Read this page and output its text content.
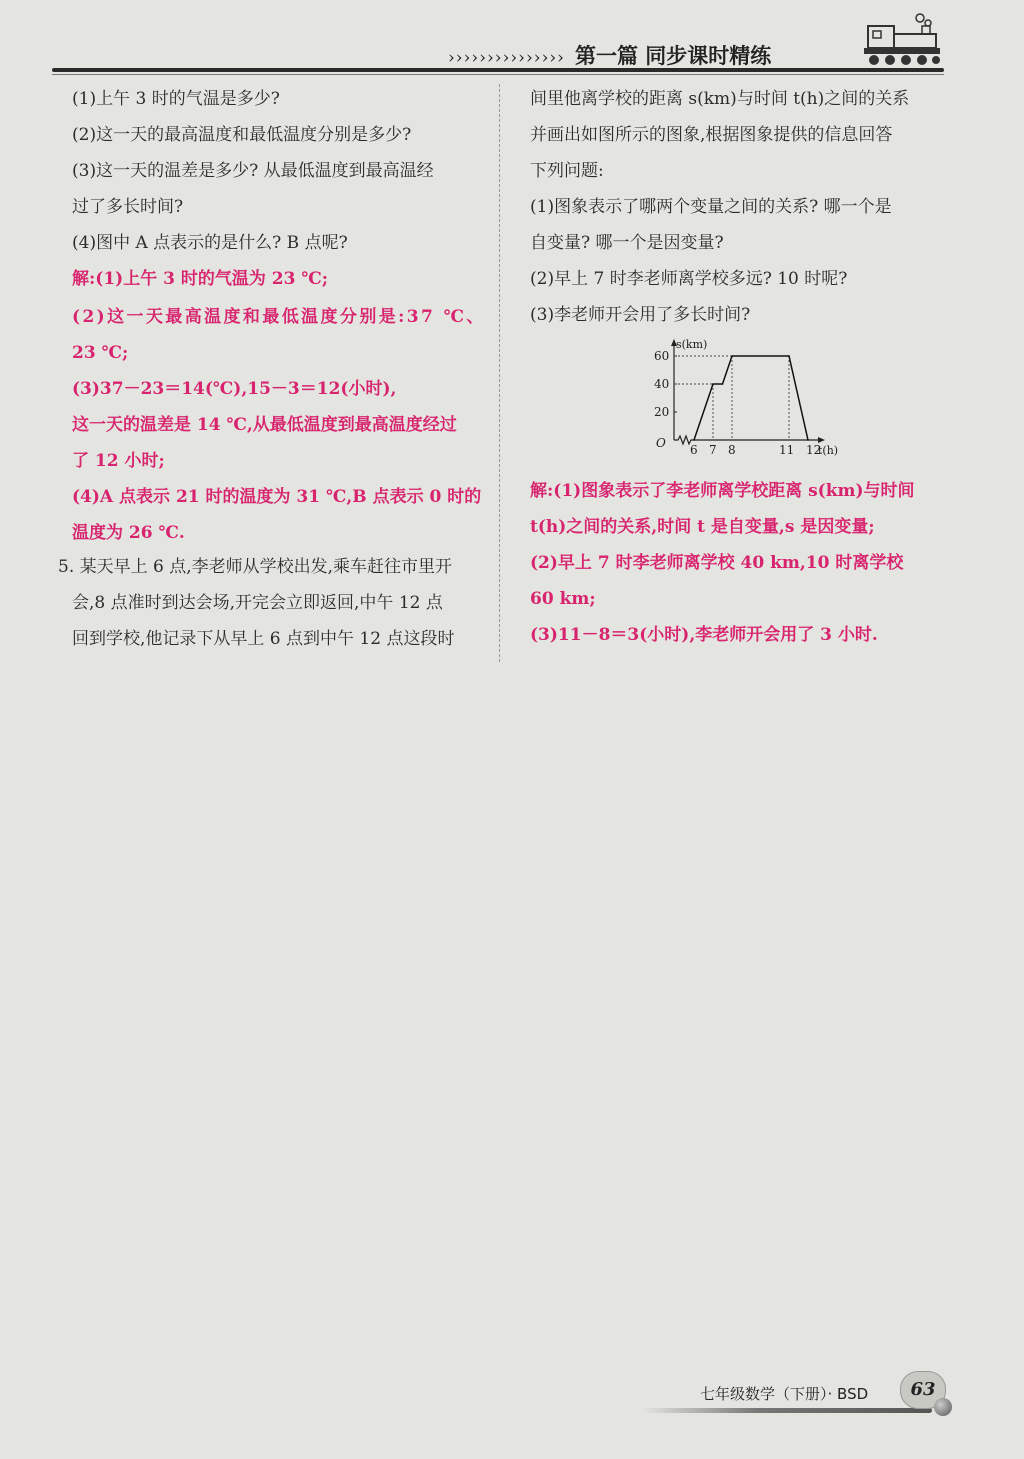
››››››››››››››› 第一篇 同步课时精练
(1)上午 3 时的气温是多少?
(2)这一天的最高温度和最低温度分别是多少?
(3)这一天的温差是多少? 从最低温度到最高温经
过了多长时间?
(4)图中 A 点表示的是什么? B 点呢?
解:(1)上午 3 时的气温为 23 ℃;
(2)这一天最高温度和最低温度分别是:37 ℃、
23 ℃;
(3)37－23＝14(℃),15－3＝12(小时),
这一天的温差是 14 ℃,从最低温度到最高温度经过
了 12 小时;
(4)A 点表示 21 时的温度为 31 ℃,B 点表示 0 时的
温度为 26 ℃.
5. 某天早上 6 点,李老师从学校出发,乘车赶往市里开
会,8 点准时到达会场,开完会立即返回,中午 12 点
回到学校,他记录下从早上 6 点到中午 12 点这段时
间里他离学校的距离 s(km)与时间 t(h)之间的关系
并画出如图所示的图象,根据图象提供的信息回答
下列问题:
(1)图象表示了哪两个变量之间的关系? 哪一个是
自变量? 哪一个是因变量?
(2)早上 7 时李老师离学校多远? 10 时呢?
(3)李老师开会用了多长时间?
s(km)
t(h)
O
20
40
60
6 7 8	11 12
解:(1)图象表示了李老师离学校距离 s(km)与时间
t(h)之间的关系,时间 t 是自变量,s 是因变量;
(2)早上 7 时李老师离学校 40 km,10 时离学校
60 km;
(3)11－8＝3(小时),李老师开会用了 3 小时.
七年级数学（下册）· BSD	63
